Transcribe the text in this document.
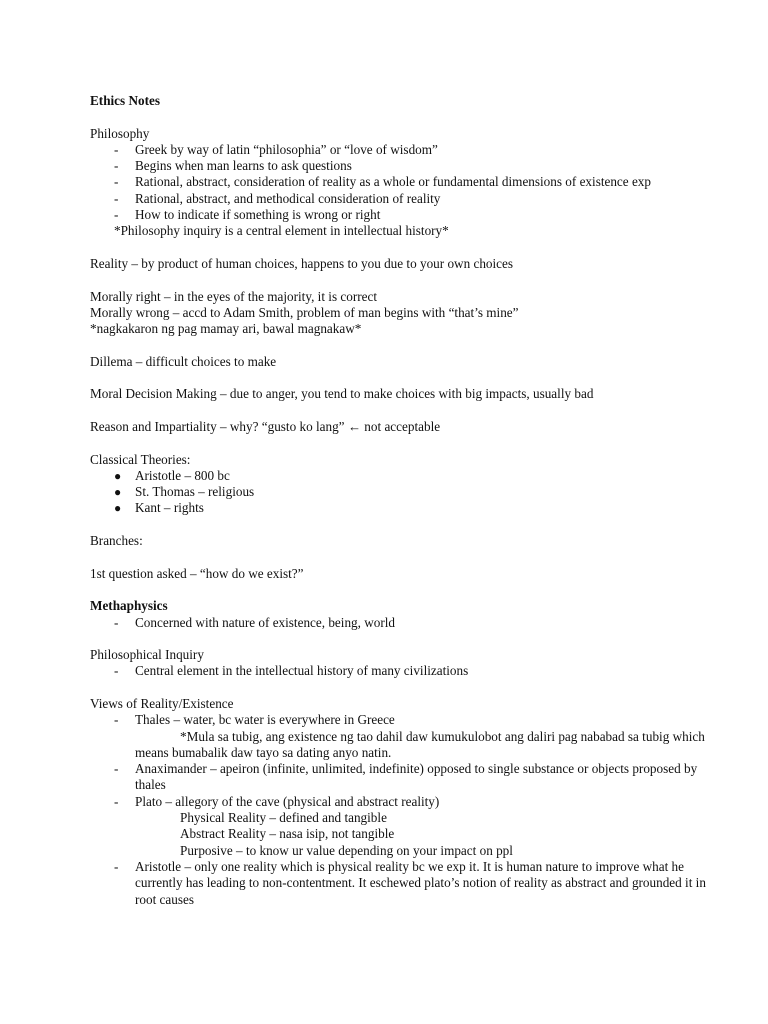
Ethics Notes
Philosophy
- Greek by way of latin “philosophia” or “love of wisdom”
- Begins when man learns to ask questions
- Rational, abstract, consideration of reality as a whole or fundamental dimensions of existence exp
- Rational, abstract, and methodical consideration of reality
- How to indicate if something is wrong or right
*Philosophy inquiry is a central element in intellectual history*
Reality – by product of human choices, happens to you due to your own choices
Morally right – in the eyes of the majority, it is correct
Morally wrong – accd to Adam Smith, problem of man begins with “that’s mine”
*nagkakaron ng pag mamay ari, bawal magnakaw*
Dillema – difficult choices to make
Moral Decision Making – due to anger, you tend to make choices with big impacts, usually bad
Reason and Impartiality – why? “gusto ko lang” ← not acceptable
Classical Theories:
● Aristotle – 800 bc
● St. Thomas – religious
● Kant – rights
Branches:
1st question asked – “how do we exist?”
Methaphysics
- Concerned with nature of existence, being, world
Philosophical Inquiry
- Central element in the intellectual history of many civilizations
Views of Reality/Existence
- Thales – water, bc water is everywhere in Greece
*Mula sa tubig, ang existence ng tao dahil daw kumukulobot ang daliri pag nababad sa tubig which means bumabalik daw tayo sa dating anyo natin.
- Anaximander – apeiron (infinite, unlimited, indefinite) opposed to single substance or objects proposed by thales
- Plato – allegory of the cave (physical and abstract reality)
Physical Reality – defined and tangible
Abstract Reality – nasa isip, not tangible
Purposive – to know ur value depending on your impact on ppl
- Aristotle – only one reality which is physical reality bc we exp it. It is human nature to improve what he currently has leading to non-contentment. It eschewed plato’s notion of reality as abstract and grounded it in root causes
